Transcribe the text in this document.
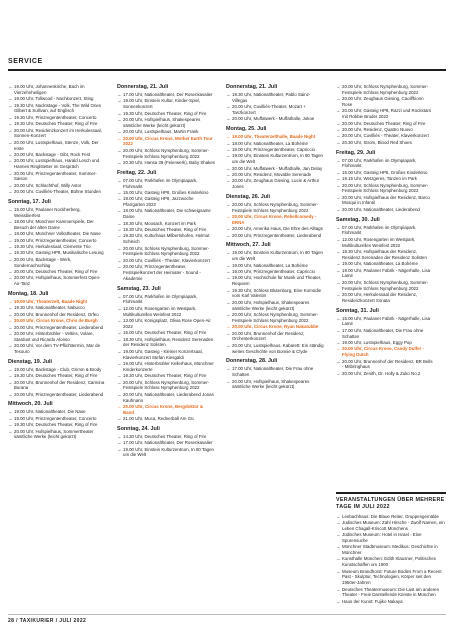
SERVICE
→ 19.00 Uhr, Johanneskirche, Bach im Vierzehnheiligen
→ 19.00 Uhr, Tollwood - Nachkonzert, Sting
→ 19.30 Uhr, Nacktstage - Volk, The Wild Ones Gilbert & Sullivan, auf Englisch
→ 19.30 Uhr, Prinzregententheater, Concerto
→ 19.30 Uhr, Deutsches Theater, Ring of Fire
→ 20.00 Uhr, Residenzkonzert im Herkulessaal, Sonnen-Konzert
→ 20.00 Uhr, Lustspielhaus, Stenze, Volk, Der erste
→ 20.00 Uhr, Backstage - Gibt, Rock Fest
→ 20.00 Uhr, Lustspielhaus, Harald Lesch und Hannes Ringlstetter im Gespräch
→ 20.00 Uhr, Prinzregententheater, Sommer-Saison
→ 20.00 Uhr, Schlachthof, Willy Astor
→ 20.00 Uhr, Cuvilliés-Theater, Bühne Stunden
Sonntag, 17. Juli
→ 15.00 Uhr, Paulaner Nockherberg, Weissbierfest
→ 18.00 Uhr, Münchner Kammerspiele, Der Besuch der alten Dame
→ 18.00 Uhr, Münchner Volkstheater, Die Nase
→ 19.00 Uhr, Prinzregententheater, Concerto
→ 19.30 Uhr, Herkulessaal, Clemente Trio
→ 19.30 Uhr, Gasteig HP8, Musikalische Lesung
→ 20.00 Uhr, Backstage - Werk, Sondernachschlag
→ 20.00 Uhr, Deutsches Theater, Ring of Fire
→ 20.00 Uhr, Hofspielhaus, Sommerfest Open-Air-Tanz
Montag, 18. Juli
→ 19.00 Uhr, Theaterzelt, Baade Night
→ 19.30 Uhr, Nationaltheater, Nabucco
→ 20.00 Uhr, Brunnenhof der Residenz, Orfeo
→ 20.00 Uhr, Circus Krone, Chris de Burgh
→ 20.00 Uhr, Prinzregententheater, Liederabend
→ 20.00 Uhr, Hinterbrühler - Veltins, Volare, Stardust und Ricardo Alonso
→ 20.00 Uhr, Vor dem TV-Pflichttermin, Mar de Tesouro
Dienstag, 19. Juli
→ 19.00 Uhr, Backstage - Club, Grimm & Brody
→ 19.30 Uhr, Deutsches Theater, Ring of Fire
→ 20.00 Uhr, Brunnenhof der Residenz, Carmina Burana
→ 20.00 Uhr, Prinzregententheater, Liederabend
Mittwoch, 20. Juli
→ 19.00 Uhr, Nationaltheater, Die Nase
→ 19.00 Uhr, Prinzregententheater, Concerto
→ 19.30 Uhr, Deutsches Theater, Ring of Fire
→ 20.00 Uhr, Hofspielhaus, Sommertheater sämtliche Werke (leicht gekürzt)
Donnerstag, 21. Juli
→ 17.00 Uhr, Nationaltheater, Der Rosenkavalier
→ 19.00 Uhr, Einstein Kultur, Kinder-Spiel, Sonnenkonzert
→ 19.30 Uhr, Deutsches Theater, Ring of Fire
→ 20.00 Uhr, Hofspielhaus, Shakespeares sämtliche Werke (leicht gekürzt)
→ 20.00 Uhr, Lustspielhaus, Martin Frank
→ 20.00 Uhr, Circus Krone, Mother Earth Tour 2022
→ 20.00 Uhr, Schloss Nymphenburg, Sommer-Festspiele Schloss Nymphenburg 2022
→ 20.30 Uhr, Hansa 39 (Feierwerk), Baby Shakes
Freitag, 22. Juli
→ 07.00 Uhr, Parkhafen im Olympiapark, Flohmarkt
→ 15.00 Uhr, Gasteig HP8, Großes Kinderkino
→ 19.00 Uhr, Gasteig HP8, Jazzwoche Pfarrgarten 2022
→ 18.00 Uhr, Nationaltheater, Die schweigsame Dame
→ 18.30 Uhr, Moosach, Konzert im Park
→ 19.30 Uhr, Deutsches Theater, Ring of Fire
→ 19.30 Uhr, Kulturhaus Milbertshofen, Helmut Schleich
→ 20.00 Uhr, Schloss Nymphenburg, Sommer-Festspiele Schloss Nymphenburg 2022
→ 20.00 Uhr, Cuvilliés - Theater, Klavierkonzert
→ 20.00 Uhr, Prinzregententheater, Festspielkonzert der Heimater - Sound - Akademie
Samstag, 23. Juli
→ 07.00 Uhr, Parkhafen im Olympiapark, Flohmarkt
→ 12.00 Uhr, Rosengarten im Westpark, Multikulturelles Weinfest 2022
→ 13.00 Uhr, Königsplatz, Olivia Rose Open-Air 2022
→ 15.00 Uhr, Deutsches Theater, Ring of Fire
→ 18.30 Uhr, Hofspielhaus, Residenz Serenaden der Residenz Solisten
→ 19.00 Uhr, Gasteig - Kleiner Konzertsaal, Klavierkonzert Stefan Kiesgaldi
→ 19.00 Uhr, Hinterbrühler Kellerhaus, Münchner Kinderkonzerte
→ 19.30 Uhr, Deutsches Theater, Ring of Fire
→ 20.00 Uhr, Schloss Nymphenburg, Sommer-Festspiele Schloss Nymphenburg 2022
→ 20.00 Uhr, Nationaltheater, Liederabend Jonas Kaufmann
→ 20.00 Uhr, Circus Krone, Bergdoktor & Band
→ 21.00 Uhr, Muca, Rednerball Am Gü
Sonntag, 24. Juli
→ 14.30 Uhr, Deutsches Theater, Ring of Fire
→ 17.00 Uhr, Nationaltheater, Der Rosenkavalier
→ 19.00 Uhr, Einstein Kulturzentrum, In 80 Tagen um die Welt
Donnerstag, 21. Juli
→ 19.30 Uhr, Nationaltheater, Pablo Sainz-Villegas
→ 20.00 Uhr, Cuvilliés-Theater, Mozart + Tanzkonzert
→ 20.00 Uhr, Muffatwerk - Muffathalle, Jokoe
Montag, 25. Juli
→ 19.00 Uhr, Theaterzelthalle, Baade Night
→ 18.00 Uhr, Nationaltheater, La Bohème
→ 19.00 Uhr, Prinzregententheater, Capriccio
→ 19.00 Uhr, Einstein Kulturzentrum, In 80 Tagen um die Welt
→ 20.00 Uhr, Muffatwerk - Muffathalle, Jan Delay
→ 20.00 Uhr, Residenz, Movable Serenade
→ 20.00 Uhr, Zeughaus Giesing, Lucie & Arthur Jones
Dienstag, 26. Juli
→ 20.00 Uhr, Schloss Nymphenburg, Sommer-Festspiele Schloss Nymphenburg 2022
→ 20.00 Uhr, Circus Krone, Rebellcomedy - ERNA
→ 20.00 Uhr, Amerika Haus, Die Ehre des Alltags
→ 20.00 Uhr, Prinzregententheater, Liederabend
Mittwoch, 27. Juli
→ 19.00 Uhr, Einstein Kulturzentrum, In 80 Tagen um die Welt
→ 19.00 Uhr, Nationaltheater, La Bohème
→ 19.00 Uhr, Prinzregententheater, Capriccio
→ 19.00 Uhr, Hochschule für Musik und Theater, Requiem
→ 19.30 Uhr, Schloss Blutenburg, Eine Komödie vom Karl Valentin
→ 20.00 Uhr, Hofspielhaus, Shakespeares sämtliche Werke (leicht gekürzt)
→ 20.00 Uhr, Schloss Nymphenburg, Sommer-Festspiele Schloss Nymphenburg 2022
→ 20.00 Uhr, Circus Krone, Ryan Nakatubbe
→ 20.00 Uhr, Brunnenhof der Residenz, Orchesterkonzert
→ 20.00 Uhr, Lustspielhaus, Kabarett: Ein ständig weites Geschichte von Bonnie & Clyde
Donnerstag, 28. Juli
→ 17.00 Uhr, Nationaltheater, Die Frau ohne Schatten
→ 20.00 Uhr, Hofspielhaus, Shakespeares sämtliche Werke (leicht gekürzt)
→ 20.00 Uhr, Schloss Nymphenburg, Sommer-Festspiele Schloss Nymphenburg 2022
→ 20.00 Uhr, Zeughaus Giesing, Caoilfhionn Rose
→ 20.00 Uhr, Gasteig HP8, Razzi und Rockstars mit Robbie Bruder 2022
→ 20.00 Uhr, Deutsches Theater, Ring of Fire
→ 20.00 Uhr, Residenz, Quattro Nuovo
→ 20.00 Uhr, Cuvilliés - Theater, Klavierkonzert
→ 20.30 Uhr, Strom, Blood Red Shoes
Freitag, 29. Juli
→ 07.00 Uhr, Parkhafen im Olympiapark, Flohmarkt
→ 15.00 Uhr, Gasteig HP8, Großes Kinderkino
→ 19.15 Uhr, Wetzgeres, Tanzen im Park
→ 20.00 Uhr, Schloss Nymphenburg, Sommer-Festspiele Schloss Nymphenburg 2022
→ 20.00 Uhr, Hofspielhaus der Residenz, Barco Mosqui in Infantil
→ 20.00 Uhr, Nationaltheater, Liederabend
Samstag, 30. Juli
→ 07.00 Uhr, Parkhafen im Olympiapark, Flohmarkt
→ 12.00 Uhr, Rosengarten im Westpark, Multikulturelles Weinfest 2022
→ 18.30 Uhr, Hofspielhaus der Residenz, Residenz Serenaden der Residenz Solisten
→ 19.00 Uhr, Nationaltheater, La Bohème
→ 19.00 Uhr, Paulaner Fabrik - Nägerhalle, Lisa Lamé
→ 20.00 Uhr, Schloss Nymphenburg, Sommer-Festspiele Schloss Nymphenburg 2022
→ 20.00 Uhr, Herkulessaal der Residenz, Residenzkonzert Sonata
Sonntag, 31. Juli
→ 15.00 Uhr, Paulaner Fabrik - Nägerhalle, Lisa Lamé
→ 17.00 Uhr, Nationaltheater, Die Frau ohne Schatten
→ 19.00 Uhr, Lustspielhaus, Eggy Pop
→ 20.00 Uhr, Circus Krone, Candy Dulfer - Flying Dutch
→ 20.00 Uhr, Brunnenhof der Residenz, BR Bells - Mitbringhaus
→ 20.00 Uhr, Zenith, Dr. Holly & Zuko No.2
VERANSTALTUNGEN ÜBER MEHRERE TAGE IM JULI 2022
→ Lenbachhaus: Die Blaue Reiter, Gruppengemälde
→ Jüdisches Museum: Zahl Hirsche - Zwölf Namen, ein Leben Chagall-Kriscott Münchens
→ Jüdisches Museum: Hotel in Israel - Eine Spurensuche
→ Münchner Stadtmuseum: Medikus: Geschichte in Münchner
→ Kunsthalle München: Edith Klausner, Politisches Kunstschaffen um 1900
→ Museum Brandhorst: Future Bodies From a Recent Past - Skulptur, Technologien, Körper seit den 1950er-Jahren
→ Deutsches Theatermuseum: Die Last am anderen Theater - Freie Darstellende Künste in München
→ Haus der Kunst: Fujiko Nakaya
28 / TAXIKURIER / JULI 2022
